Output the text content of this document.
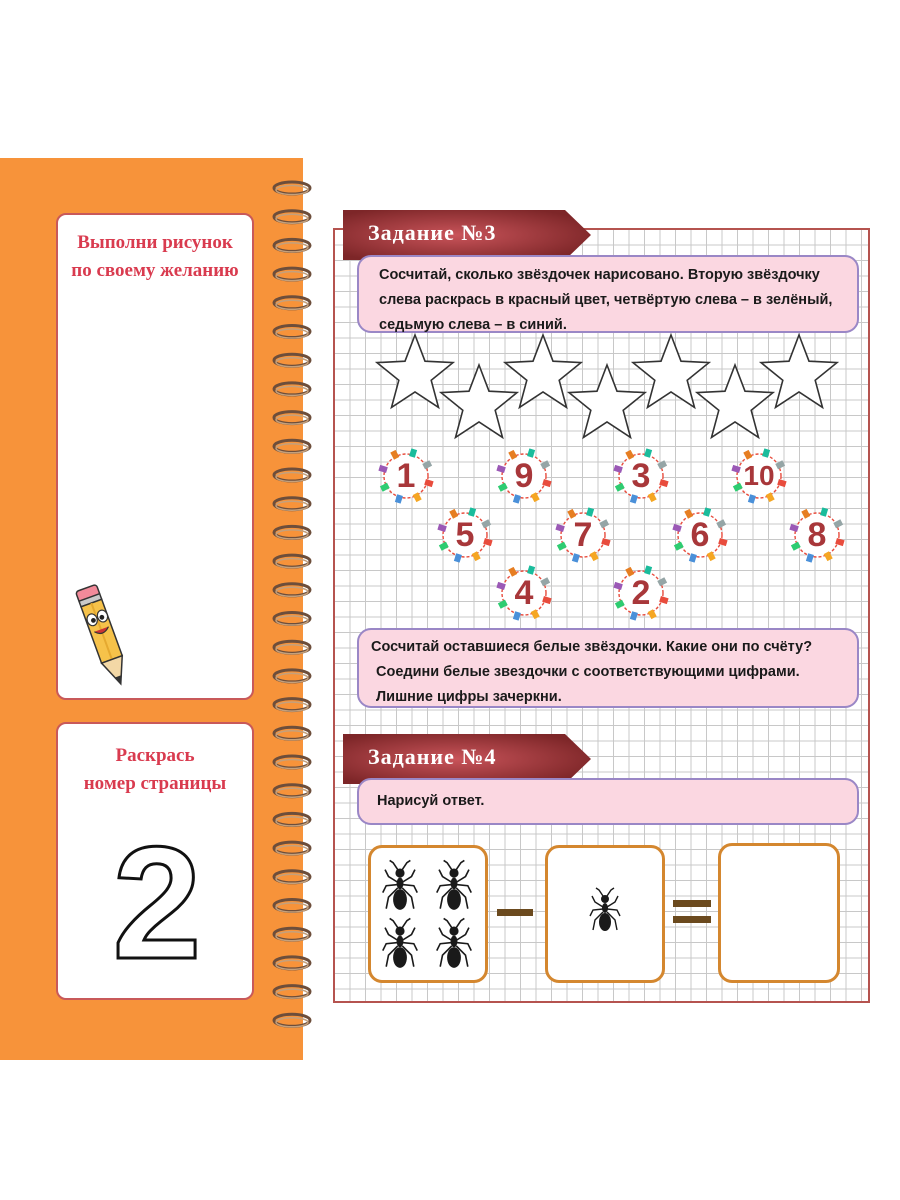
Выполни рисунок
по своему желанию
Раскрась
номер страницы
2
Задание №3

Сосчитай, сколько звёздочек нарисовано. Вторую звёздочку

слева раскрась в красный цвет, четвёртую слева – в зелёный,

седьмую слева – в синий.

1	9	3	10
5	7	6	8
4	2

Сосчитай оставшиеся белые звёздочки. Какие они по счёту?

Соедини белые звездочки с соответствующими цифрами.

Лишние цифры зачеркни.

Задание №4

Нарисуй ответ.
